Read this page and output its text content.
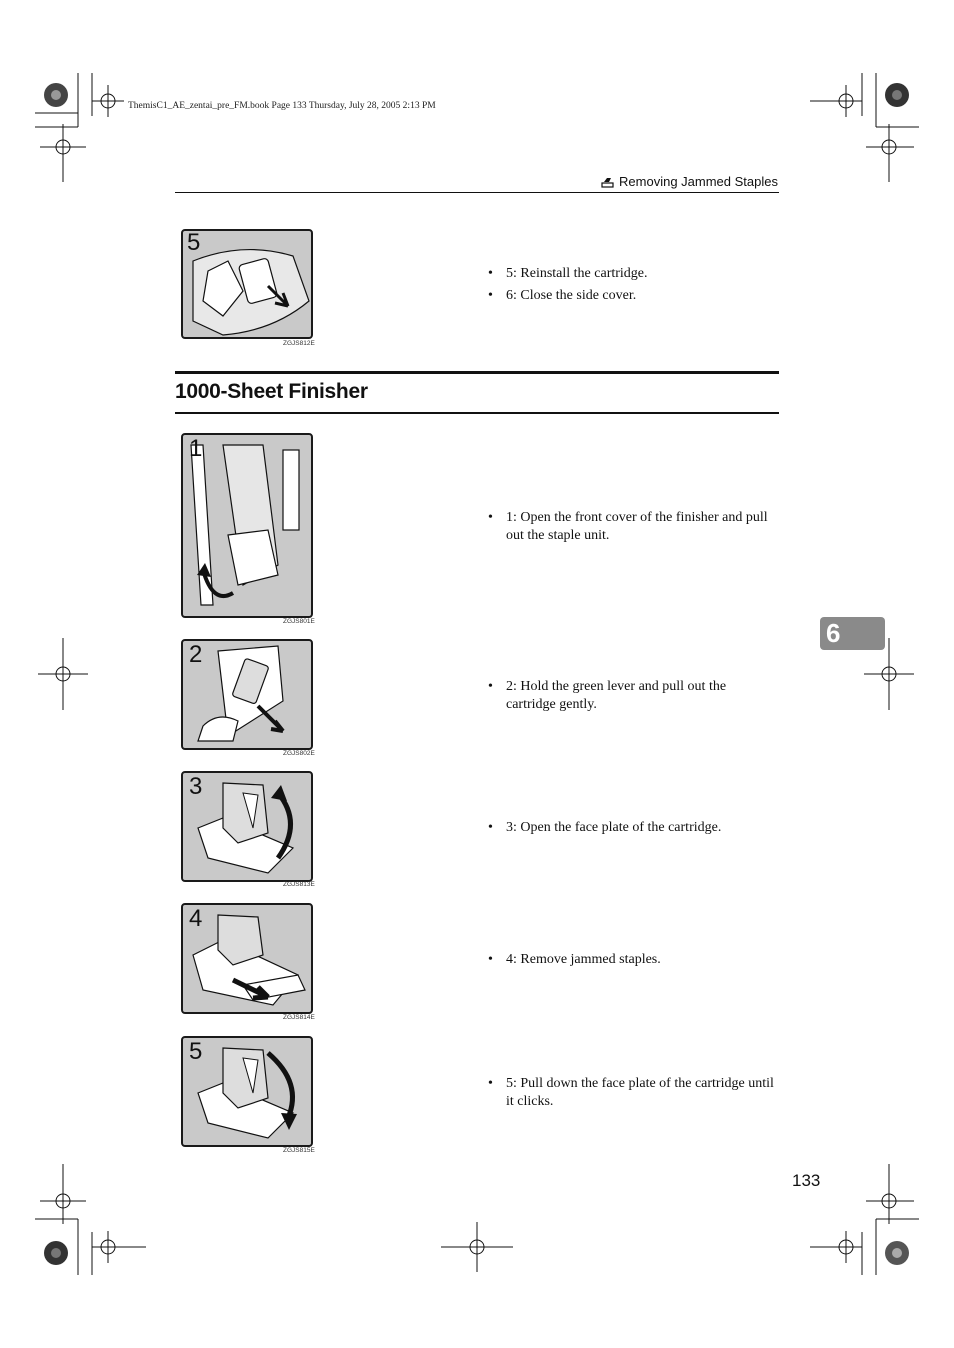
ThemisC1_AE_zentai_pre_FM.book Page 133 Thursday, July 28, 2005 2:13 PM
Removing Jammed Staples
5
ZGJS812E
• 5: Reinstall the cartridge.
• 6: Close the side cover.
1000-Sheet Finisher
6
1
ZGJS801E
• 1: Open the front cover of the finisher and pull out the staple unit.
2
ZGJS802E
• 2: Hold the green lever and pull out the cartridge gently.
3
ZGJS813E
• 3: Open the face plate of the cartridge.
4
ZGJS814E
• 4: Remove jammed staples.
5
ZGJS815E
• 5: Pull down the face plate of the cartridge until it clicks.
133
